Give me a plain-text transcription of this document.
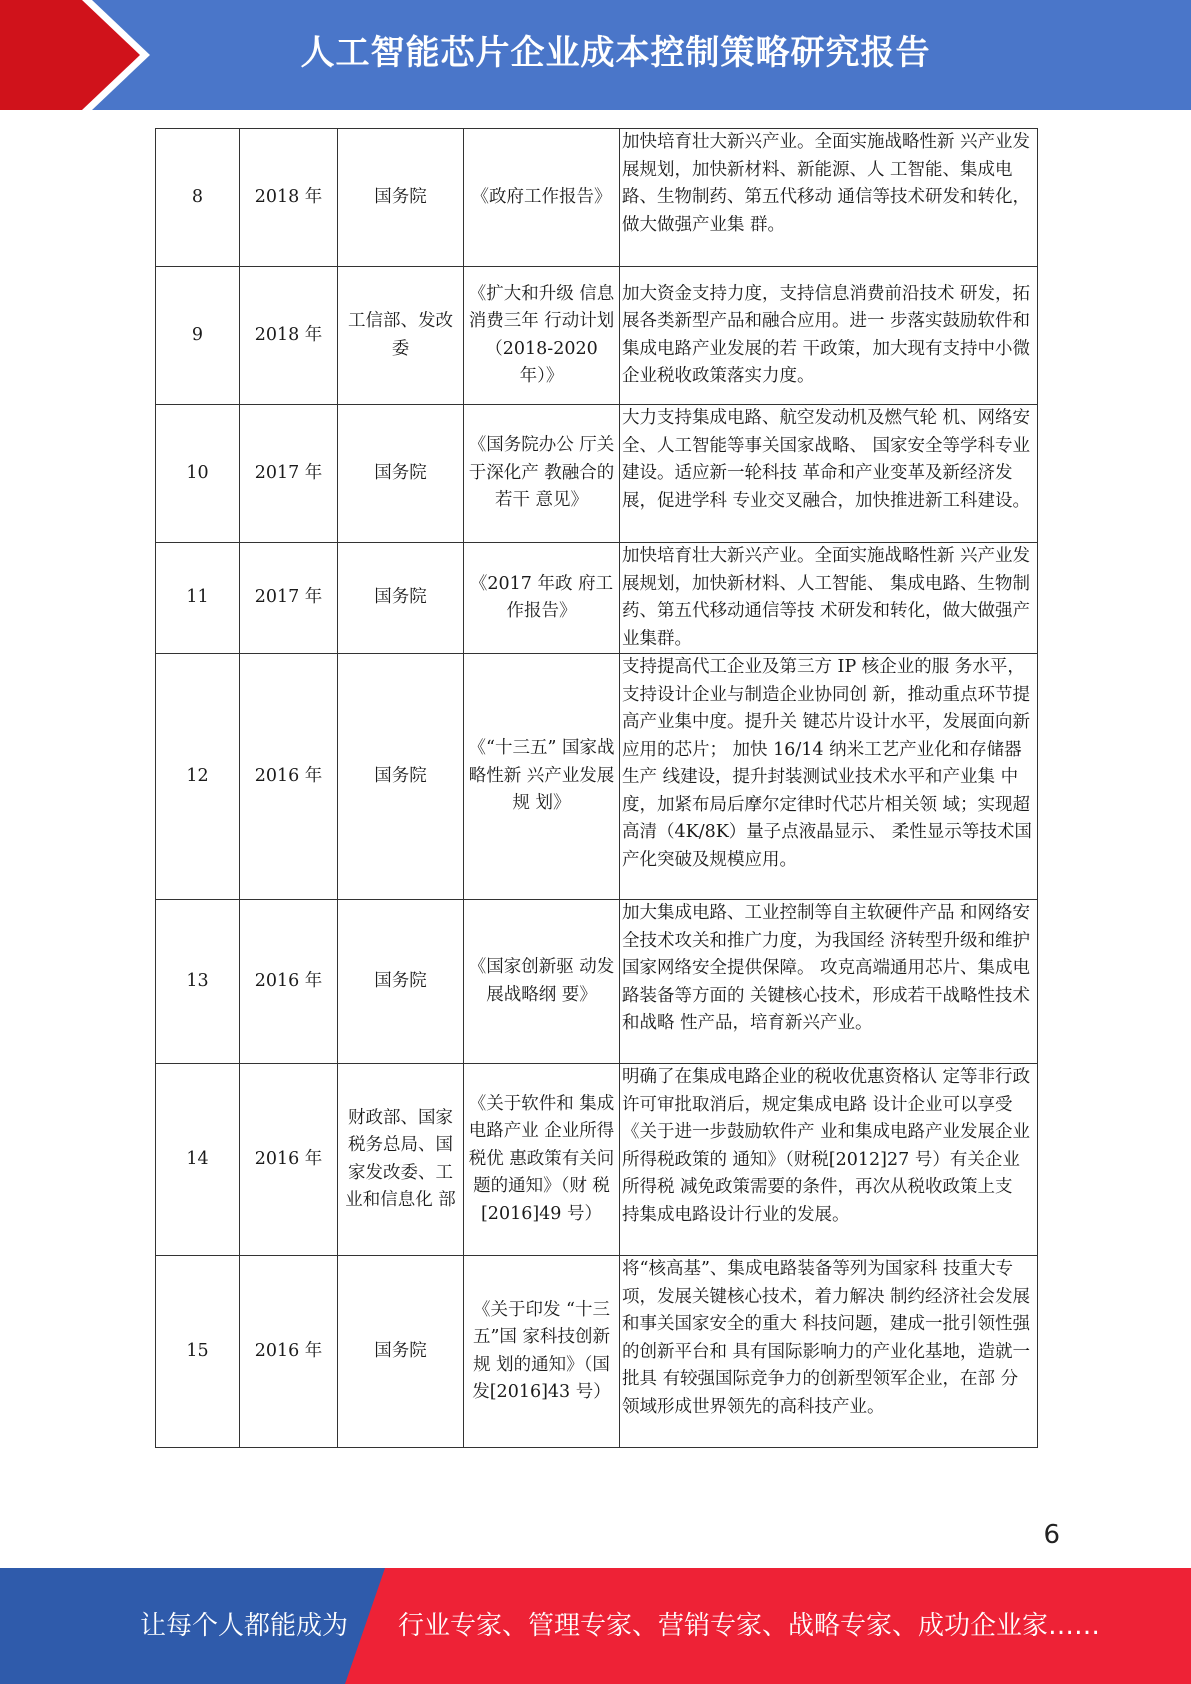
人工智能芯片企业成本控制策略研究报告
8	2018 年	国务院	《政府工作报告》	加快培育壮大新兴产业。全面实施战略性新 兴产业发展规划，加快新材料、新能源、人 工智能、集成电路、生物制药、第五代移动 通信等技术研发和转化，做大做强产业集 群。
9	2018 年	工信部、发改委	《扩大和升级 信息消费三年 行动计划（2018-2020 年）》	加大资金支持力度，支持信息消费前沿技术 研发，拓展各类新型产品和融合应用。进一 步落实鼓励软件和集成电路产业发展的若 干政策，加大现有支持中小微企业税收政策落实力度。
10	2017 年	国务院	《国务院办公 厅关于深化产 教融合的若干 意见》	大力支持集成电路、航空发动机及燃气轮 机、网络安全、人工智能等事关国家战略、 国家安全等学科专业建设。适应新一轮科技 革命和产业变革及新经济发展，促进学科 专业交叉融合，加快推进新工科建设。
11	2017 年	国务院	《2017 年政 府工作报告》	加快培育壮大新兴产业。全面实施战略性新 兴产业发展规划，加快新材料、人工智能、 集成电路、生物制药、第五代移动通信等技 术研发和转化，做大做强产业集群。
12	2016 年	国务院	《“十三五” 国家战略性新 兴产业发展规 划》	支持提高代工企业及第三方 IP 核企业的服 务水平，支持设计企业与制造企业协同创 新，推动重点环节提高产业集中度。提升关 键芯片设计水平，发展面向新应用的芯片； 加快 16/14 纳米工艺产业化和存储器生产 线建设，提升封装测试业技术水平和产业集 中度，加紧布局后摩尔定律时代芯片相关领 域；实现超高清（4K/8K）量子点液晶显示、 柔性显示等技术国产化突破及规模应用。
13	2016 年	国务院	《国家创新驱 动发展战略纲 要》	加大集成电路、工业控制等自主软硬件产品 和网络安全技术攻关和推广力度，为我国经 济转型升级和维护国家网络安全提供保障。 攻克高端通用芯片、集成电路装备等方面的 关键核心技术，形成若干战略性技术和战略 性产品，培育新兴产业。
14	2016 年	财政部、国家税务总局、国家发改委、工业和信息化 部	《关于软件和 集成电路产业 企业所得税优 惠政策有关问 题的通知》（财 税[2016]49 号）	明确了在集成电路企业的税收优惠资格认 定等非行政许可审批取消后，规定集成电路 设计企业可以享受《关于进一步鼓励软件产 业和集成电路产业发展企业所得税政策的 通知》（财税[2012]27 号）有关企业所得税 减免政策需要的条件，再次从税收政策上支 持集成电路设计行业的发展。
15	2016 年	国务院	《关于印发 “十三五”国 家科技创新规 划的通知》（国 发[2016]43 号）	将“核高基”、集成电路装备等列为国家科 技重大专项，发展关键核心技术，着力解决 制约经济社会发展和事关国家安全的重大 科技问题，建成一批引领性强的创新平台和 具有国际影响力的产业化基地，造就一批具 有较强国际竞争力的创新型领军企业，在部 分领域形成世界领先的高科技产业。
6
让每个人都能成为 行业专家、管理专家、营销专家、战略专家、成功企业家……
